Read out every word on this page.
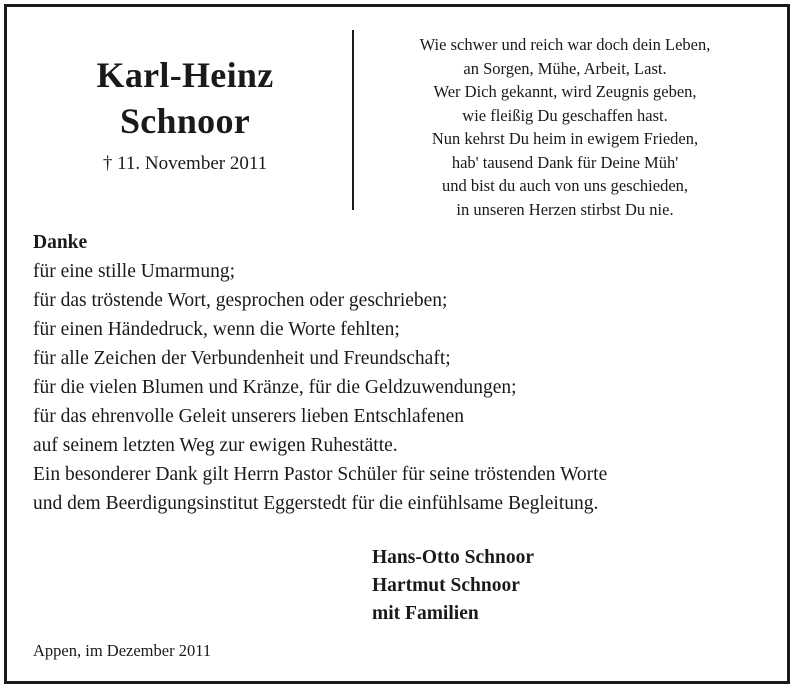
Karl-Heinz
Schnoor
† 11. November 2011
Wie schwer und reich war doch dein Leben,
an Sorgen, Mühe, Arbeit, Last.
Wer Dich gekannt, wird Zeugnis geben,
wie fleißig Du geschaffen hast.
Nun kehrst Du heim in ewigem Frieden,
hab' tausend Dank für Deine Müh'
und bist du auch von uns geschieden,
in unseren Herzen stirbst Du nie.
Danke
für eine stille Umarmung;
für das tröstende Wort, gesprochen oder geschrieben;
für einen Händedruck, wenn die Worte fehlten;
für alle Zeichen der Verbundenheit und Freundschaft;
für die vielen Blumen und Kränze, für die Geldzuwendungen;
für das ehrenvolle Geleit unserers lieben Entschlafenen
auf seinem letzten Weg zur ewigen Ruhestätte.
Ein besonderer Dank gilt Herrn Pastor Schüler für seine tröstenden Worte
und dem Beerdigungsinstitut Eggerstedt für die einfühlsame Begleitung.
Hans-Otto Schnoor
Hartmut Schnoor
mit Familien
Appen, im Dezember 2011
